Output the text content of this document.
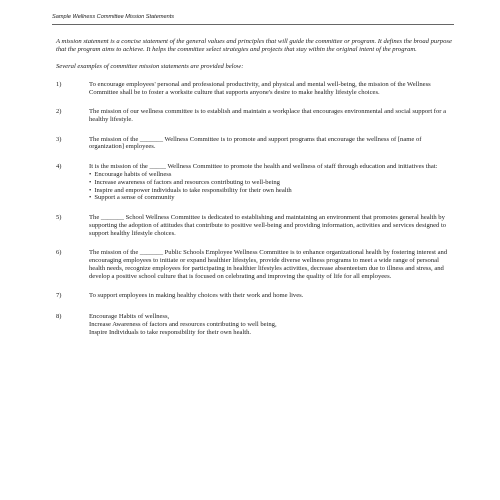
Sample Wellness Committee Mission Statements

A mission statement is a concise statement of the general values and principles that will guide the committee or program. It defines the broad purpose that the program aims to achieve. It helps the committee select strategies and projects that stay within the original intent of the program.

Several examples of committee mission statements are provided below:

1)	To encourage employees' personal and professional productivity, and physical and mental well-being, the mission of the Wellness Committee shall be to foster a worksite culture that supports anyone's desire to make healthy lifestyle choices.
2)	The mission of our wellness committee is to establish and maintain a workplace that encourages environmental and social support for a healthy lifestyle.
3)	The mission of the _______ Wellness Committee is to promote and support programs that encourage the wellness of [name of organization] employees.
4)	It is the mission of the _____ Wellness Committee to promote the health and wellness of staff through education and initiatives that:
• Encourage habits of wellness
• Increase awareness of factors and resources contributing to well-being
• Inspire and empower individuals to take responsibility for their own health
• Support a sense of community
5)	The _______ School Wellness Committee is dedicated to establishing and maintaining an environment that promotes general health by supporting the adoption of attitudes that contribute to positive well-being and providing information, activities and services designed to support healthy lifestyle choices.
6)	The mission of the _______ Public Schools Employee Wellness Committee is to enhance organizational health by fostering interest and encouraging employees to initiate or expand healthier lifestyles, provide diverse wellness programs to meet a wide range of personal health needs, recognize employees for participating in healthier lifestyles activities, decrease absenteeism due to illness and stress, and develop a positive school culture that is focused on celebrating and improving the quality of life for all employees.
7)	To support employees in making healthy choices with their work and home lives.
8)	Encourage Habits of wellness,
Increase Awareness of factors and resources contributing to well being,
Inspire Individuals to take responsibility for their own health.
